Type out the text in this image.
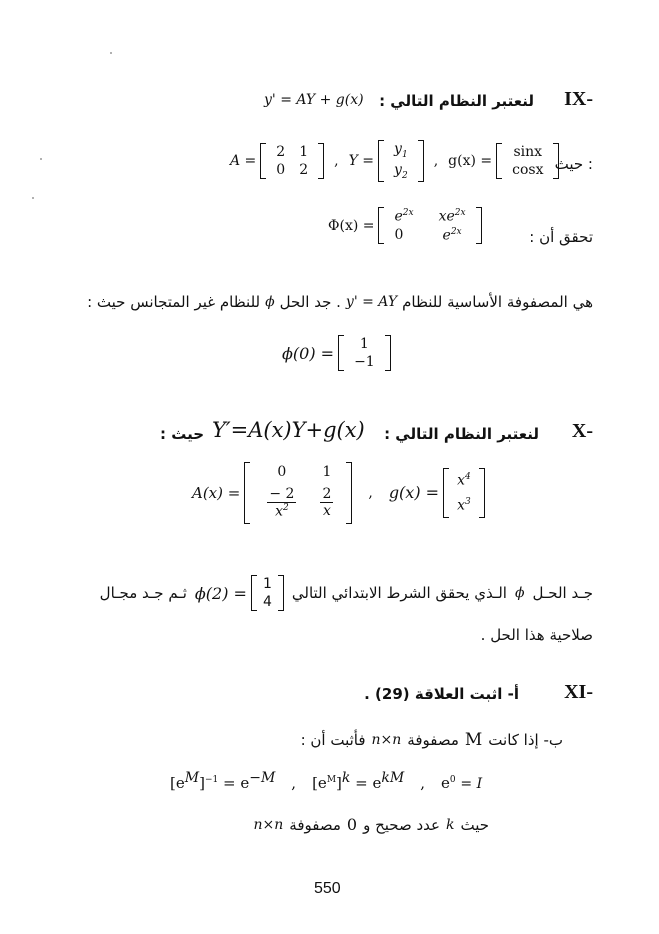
IX-
لنعتبر النظام التالي :
y' = AY + g(x)
A =
2	1
0	2
, Y =
$y_1$
$y_2$
, g(x) =
sinx
cosx : حيث
تحقق أن :
Φ(x) =
$e^{2x}$	$xe^{2x}$
0	$e^{2x}$
هي المصفوفة الأساسية للنظام
y' = AY
. جد الحل
ϕ
للنظام غير المتجانس حيث :
ϕ(0) = 1
−1
X-
لنعتبر النظام التالي :
Y′=A(x)Y+g(x)
حيث :
A(x) =
0	1

$\frac{- 2}{x^2}$	$\frac{2}{x}$	, g(x) =
$x^4$
$x^3$
جـد الحـل
ϕ
الـذي يحقق الشرط الابتدائي التالي
ϕ(2) = 1
4
ثـم جـد مجـال
صلاحية هذا الحل .
XI-
أ- اثبت العلاقة (29) .
ب- إذا كانت
M
مصفوفة
n×n
فأثبت أن :
$[e^M]^{-1} = e^{-M}$ , $[e^M]^k = e^{kM}$ , $e^0 = I$
حيث
k
عدد صحيح و
0
مصفوفة
n×n
550
